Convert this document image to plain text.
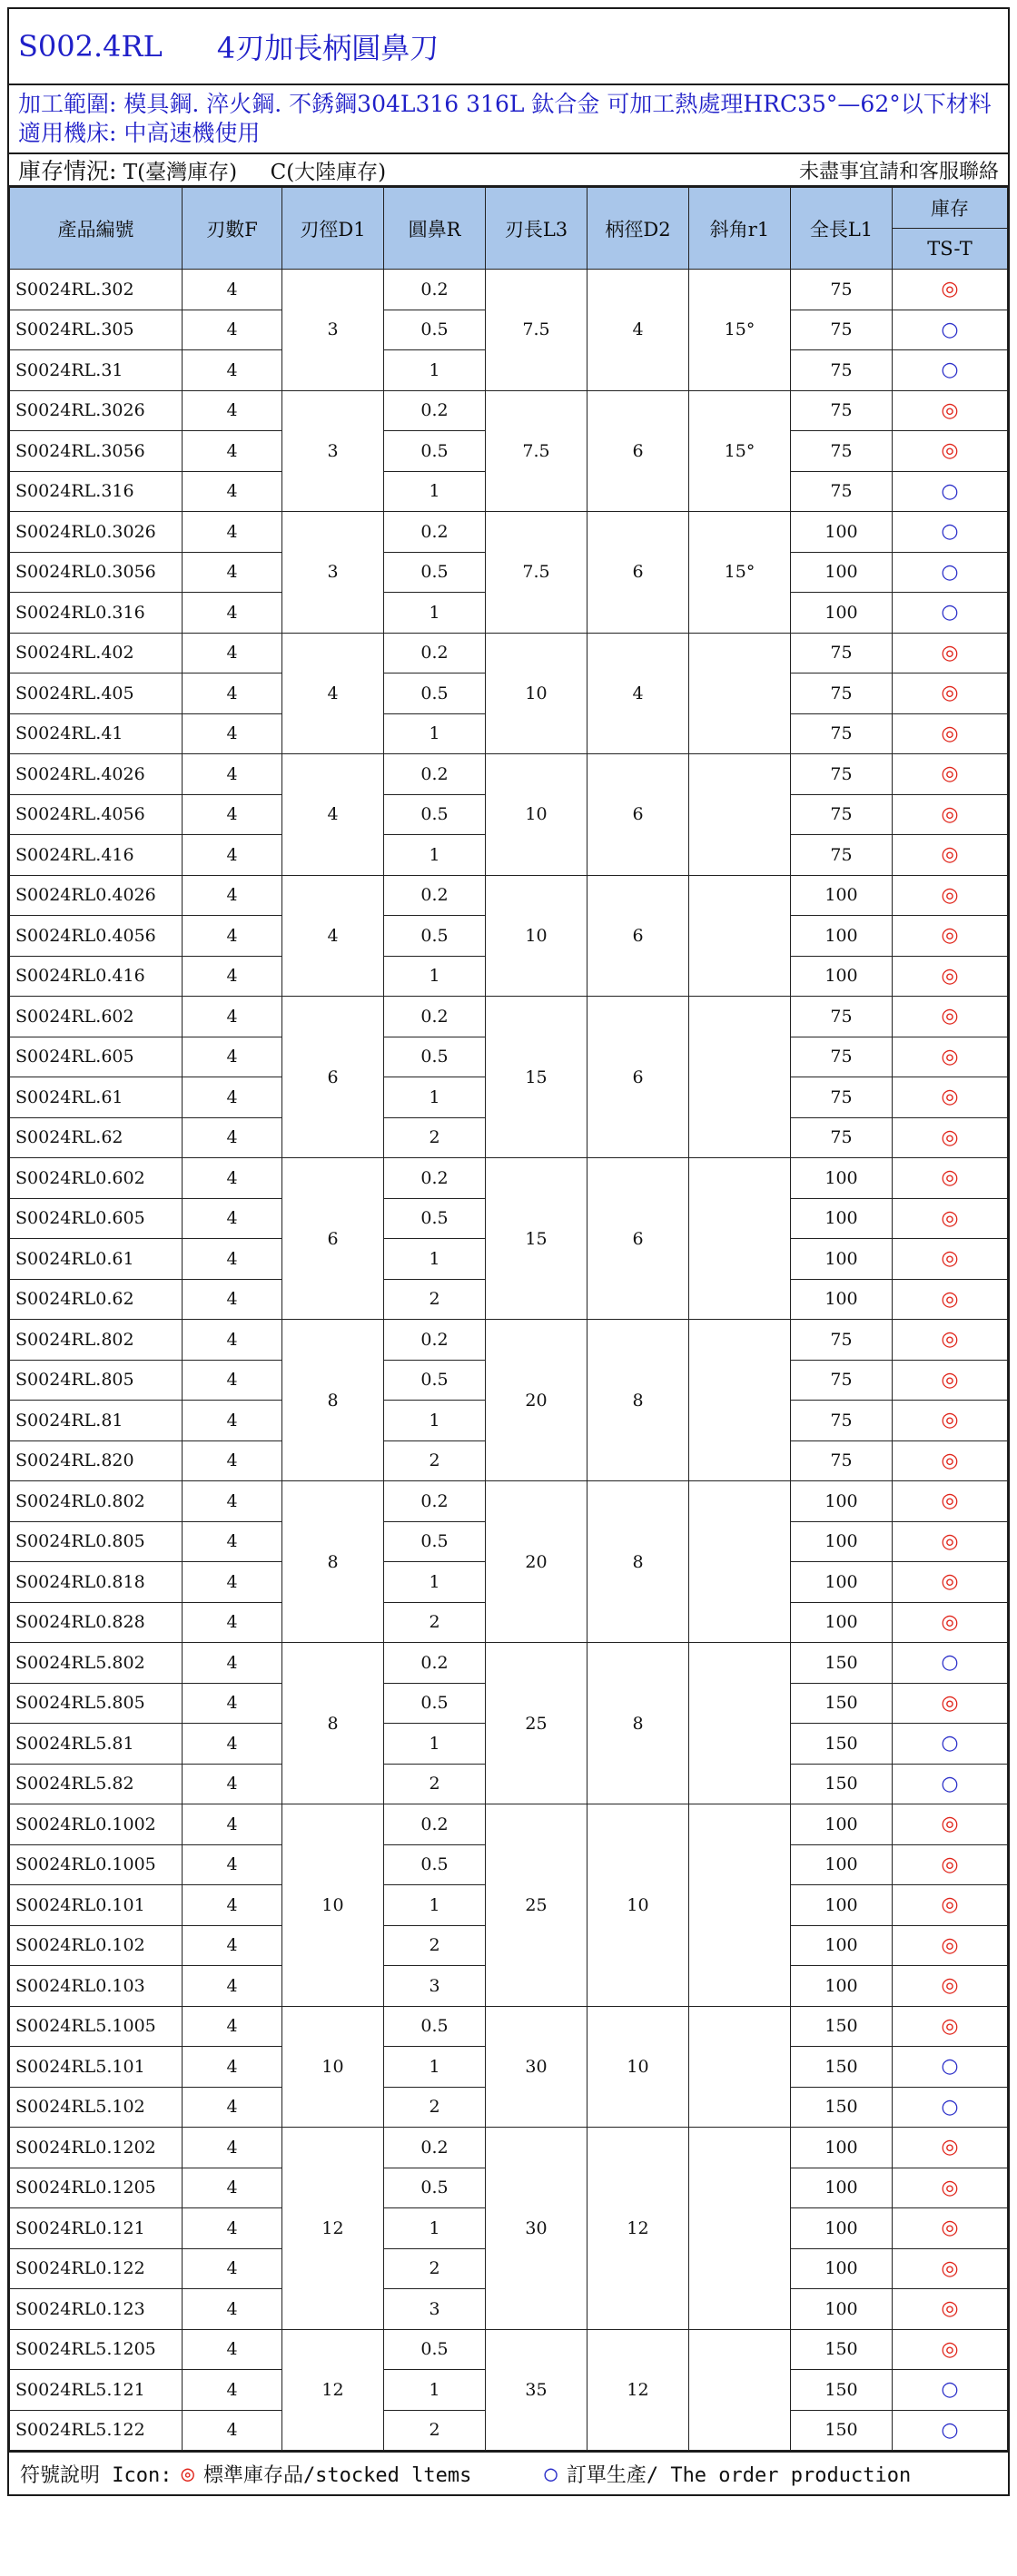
S002.4RL 4刃加長柄圓鼻刀
加工範圍: 模具鋼. 淬火鋼. 不銹鋼304L316 316L 鈦合金 可加工熱處理HRC35°—62°以下材料
適用機床: 中高速機使用
庫存情況: T(臺灣庫存) C(大陸庫存)	未盡事宜請和客服聯絡
產品編號	刃數F	刃徑D1	圓鼻R	刃長L3	柄徑D2	斜角r1	全長L1	庫存
								TS-T
S0024RL.302	4	3	0.2	7.5	4	15°	75	◎
S0024RL.305	4		0.5				75	○
S0024RL.31	4		1				75	○
S0024RL.3026	4	3	0.2	7.5	6	15°	75	◎
S0024RL.3056	4		0.5				75	◎
S0024RL.316	4		1				75	○
S0024RL0.3026	4	3	0.2	7.5	6	15°	100	○
S0024RL0.3056	4		0.5				100	○
S0024RL0.316	4		1				100	○
S0024RL.402	4	4	0.2	10	4		75	◎
S0024RL.405	4		0.5				75	◎
S0024RL.41	4		1				75	◎
S0024RL.4026	4	4	0.2	10	6		75	◎
S0024RL.4056	4		0.5				75	◎
S0024RL.416	4		1				75	◎
S0024RL0.4026	4	4	0.2	10	6		100	◎
S0024RL0.4056	4		0.5				100	◎
S0024RL0.416	4		1				100	◎
S0024RL.602	4	6	0.2	15	6		75	◎
S0024RL.605	4		0.5				75	◎
S0024RL.61	4		1				75	◎
S0024RL.62	4		2				75	◎
S0024RL0.602	4	6	0.2	15	6		100	◎
S0024RL0.605	4		0.5				100	◎
S0024RL0.61	4		1				100	◎
S0024RL0.62	4		2				100	◎
S0024RL.802	4	8	0.2	20	8		75	◎
S0024RL.805	4		0.5				75	◎
S0024RL.81	4		1				75	◎
S0024RL.820	4		2				75	◎
S0024RL0.802	4	8	0.2	20	8		100	◎
S0024RL0.805	4		0.5				100	◎
S0024RL0.818	4		1				100	◎
S0024RL0.828	4		2				100	◎
S0024RL5.802	4	8	0.2	25	8		150	○
S0024RL5.805	4		0.5				150	◎
S0024RL5.81	4		1				150	○
S0024RL5.82	4		2				150	○
S0024RL0.1002	4	10	0.2	25	10		100	◎
S0024RL0.1005	4		0.5				100	◎
S0024RL0.101	4		1				100	◎
S0024RL0.102	4		2				100	◎
S0024RL0.103	4		3				100	◎
S0024RL5.1005	4	10	0.5	30	10		150	◎
S0024RL5.101	4		1				150	○
S0024RL5.102	4		2				150	○
S0024RL0.1202	4	12	0.2	30	12		100	◎
S0024RL0.1205	4		0.5				100	◎
S0024RL0.121	4		1				100	◎
S0024RL0.122	4		2				100	◎
S0024RL0.123	4		3				100	◎
S0024RL5.1205	4	12	0.5	35	12		150	◎
S0024RL5.121	4		1				150	○
S0024RL5.122	4		2				150	○
符號說明 Icon: ◎ 標準庫存品/stocked ltems	○ 訂單生產/ The order production
